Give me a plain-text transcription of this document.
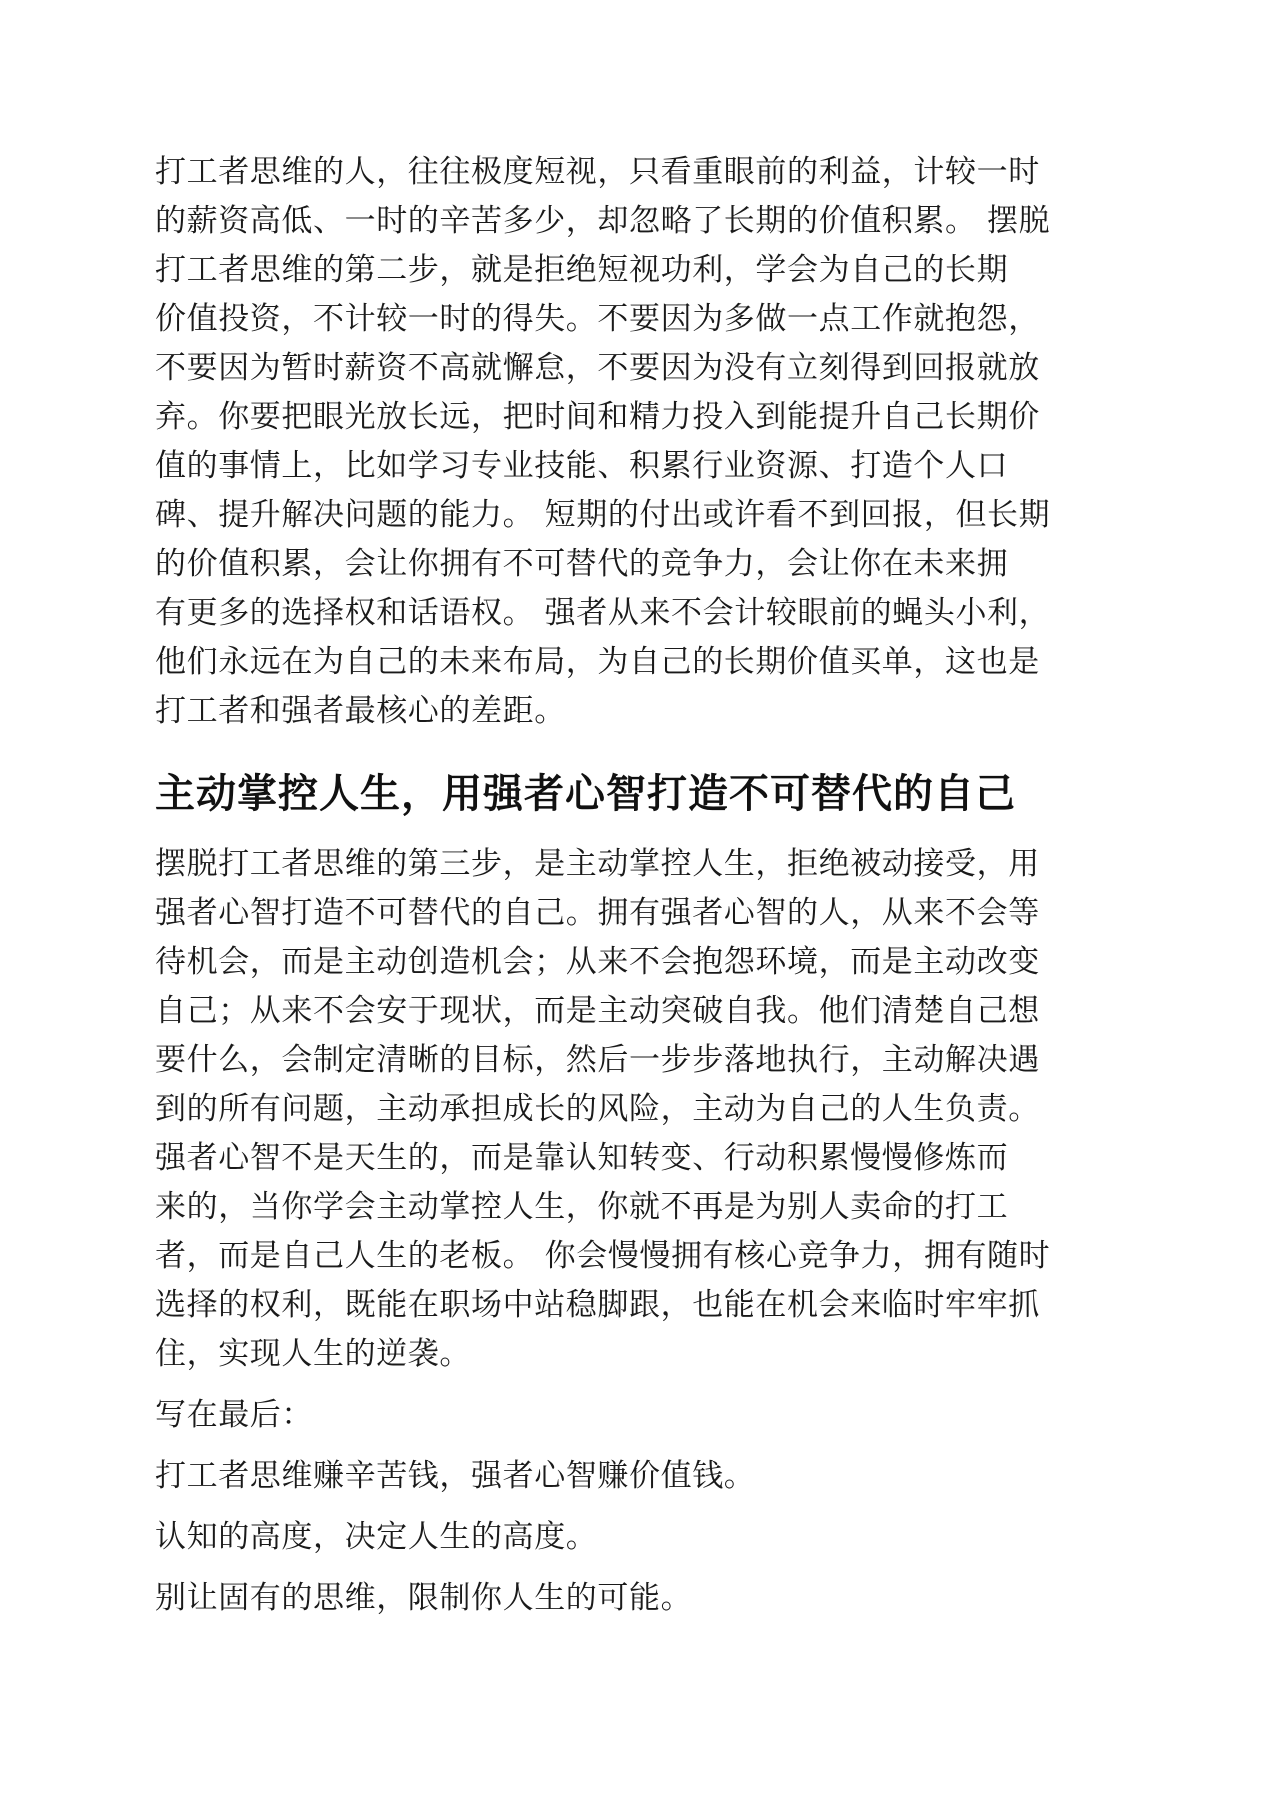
打工者思维的人，往往极度短视，只看重眼前的利益，计较一时
的薪资高低、一时的辛苦多少，却忽略了长期的价值积累。 摆脱
打工者思维的第二步，就是拒绝短视功利，学会为自己的长期
价值投资，不计较一时的得失。不要因为多做一点工作就抱怨，
不要因为暂时薪资不高就懈怠，不要因为没有立刻得到回报就放
弃。你要把眼光放长远，把时间和精力投入到能提升自己长期价
值的事情上，比如学习专业技能、积累行业资源、打造个人口
碑、提升解决问题的能力。 短期的付出或许看不到回报，但长期
的价值积累，会让你拥有不可替代的竞争力，会让你在未来拥
有更多的选择权和话语权。 强者从来不会计较眼前的蝇头小利，
他们永远在为自己的未来布局，为自己的长期价值买单，这也是
打工者和强者最核心的差距。

主动掌控人生，用强者心智打造不可替代的自己

摆脱打工者思维的第三步，是主动掌控人生，拒绝被动接受，用
强者心智打造不可替代的自己。拥有强者心智的人，从来不会等
待机会，而是主动创造机会；从来不会抱怨环境，而是主动改变
自己；从来不会安于现状，而是主动突破自我。他们清楚自己想
要什么，会制定清晰的目标，然后一步步落地执行，主动解决遇
到的所有问题，主动承担成长的风险，主动为自己的人生负责。
强者心智不是天生的，而是靠认知转变、行动积累慢慢修炼而
来的，当你学会主动掌控人生，你就不再是为别人卖命的打工
者，而是自己人生的老板。 你会慢慢拥有核心竞争力，拥有随时
选择的权利，既能在职场中站稳脚跟，也能在机会来临时牢牢抓
住，实现人生的逆袭。

写在最后：

打工者思维赚辛苦钱，强者心智赚价值钱。

认知的高度，决定人生的高度。

别让固有的思维，限制你人生的可能。
